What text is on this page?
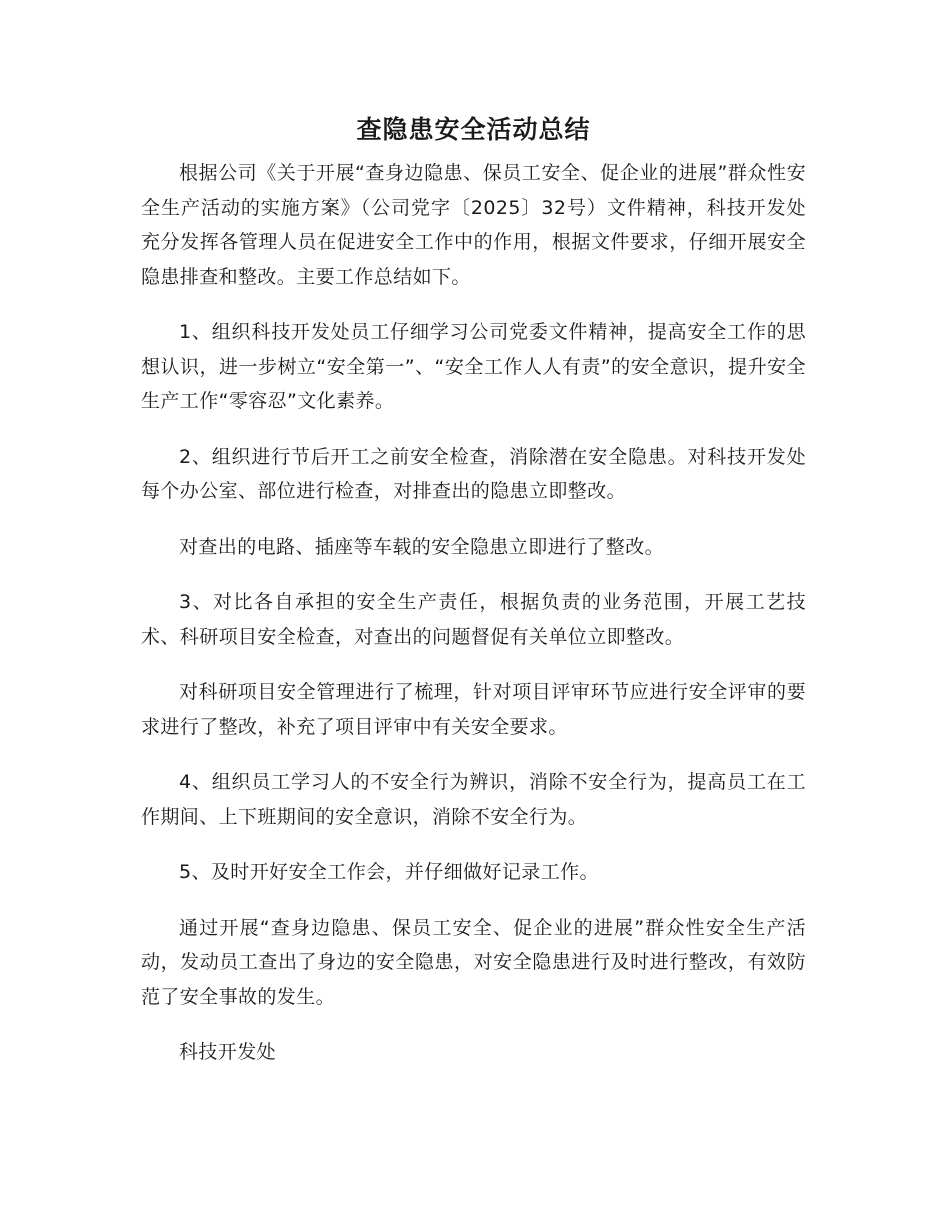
查隐患安全活动总结

根据公司《关于开展“查身边隐患、保员工安全、促企业的进展”群众性安全生产活动的实施方案》（公司党字〔2025〕32号）文件精神，科技开发处充分发挥各管理人员在促进安全工作中的作用，根据文件要求，仔细开展安全隐患排查和整改。主要工作总结如下。

1、组织科技开发处员工仔细学习公司党委文件精神，提高安全工作的思想认识，进一步树立“安全第一”、“安全工作人人有责”的安全意识，提升安全生产工作“零容忍”文化素养。

2、组织进行节后开工之前安全检查，消除潜在安全隐患。对科技开发处每个办公室、部位进行检查，对排查出的隐患立即整改。

对查出的电路、插座等车载的安全隐患立即进行了整改。

3、对比各自承担的安全生产责任，根据负责的业务范围，开展工艺技术、科研项目安全检查，对查出的问题督促有关单位立即整改。

对科研项目安全管理进行了梳理，针对项目评审环节应进行安全评审的要求进行了整改，补充了项目评审中有关安全要求。

4、组织员工学习人的不安全行为辨识，消除不安全行为，提高员工在工作期间、上下班期间的安全意识，消除不安全行为。

5、及时开好安全工作会，并仔细做好记录工作。

通过开展“查身边隐患、保员工安全、促企业的进展”群众性安全生产活动，发动员工查出了身边的安全隐患，对安全隐患进行及时进行整改，有效防范了安全事故的发生。

科技开发处
